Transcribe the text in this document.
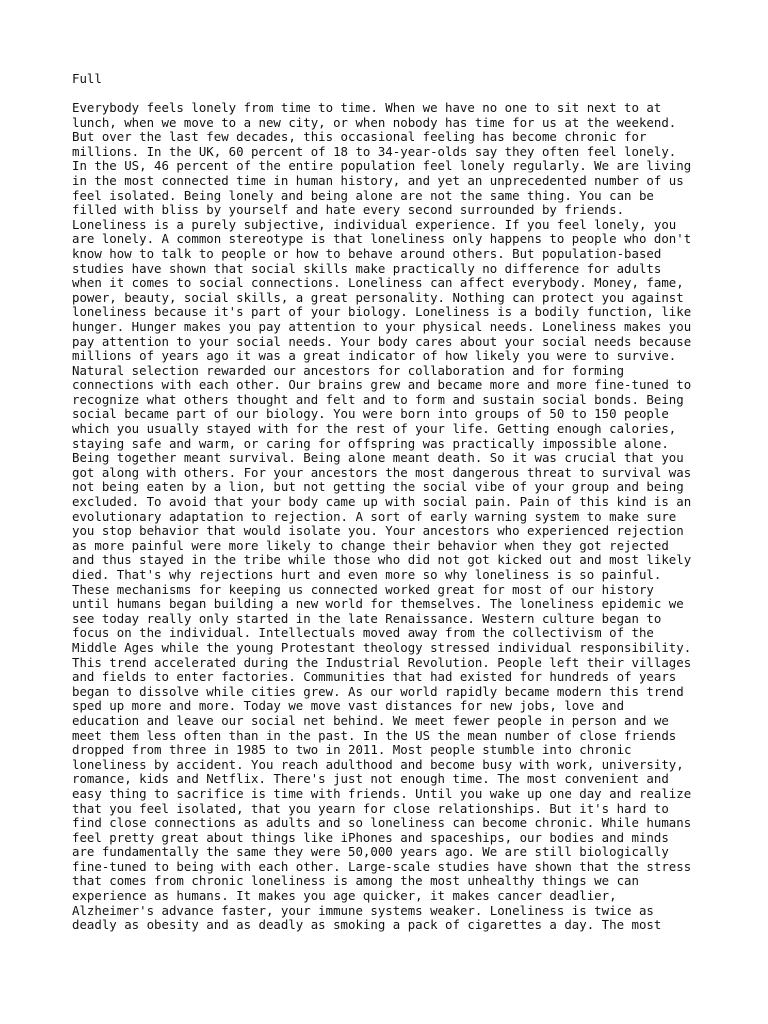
Full
Everybody feels lonely from time to time. When we have no one to sit next to at
lunch, when we move to a new city, or when nobody has time for us at the weekend.
But over the last few decades, this occasional feeling has become chronic for
millions. In the UK, 60 percent of 18 to 34-year-olds say they often feel lonely.
In the US, 46 percent of the entire population feel lonely regularly. We are living
in the most connected time in human history, and yet an unprecedented number of us
feel isolated. Being lonely and being alone are not the same thing. You can be
filled with bliss by yourself and hate every second surrounded by friends.
Loneliness is a purely subjective, individual experience. If you feel lonely, you
are lonely. A common stereotype is that loneliness only happens to people who don't
know how to talk to people or how to behave around others. But population-based
studies have shown that social skills make practically no difference for adults
when it comes to social connections. Loneliness can affect everybody. Money, fame,
power, beauty, social skills, a great personality. Nothing can protect you against
loneliness because it's part of your biology. Loneliness is a bodily function, like
hunger. Hunger makes you pay attention to your physical needs. Loneliness makes you
pay attention to your social needs. Your body cares about your social needs because
millions of years ago it was a great indicator of how likely you were to survive.
Natural selection rewarded our ancestors for collaboration and for forming
connections with each other. Our brains grew and became more and more fine-tuned to
recognize what others thought and felt and to form and sustain social bonds. Being
social became part of our biology. You were born into groups of 50 to 150 people
which you usually stayed with for the rest of your life. Getting enough calories,
staying safe and warm, or caring for offspring was practically impossible alone.
Being together meant survival. Being alone meant death. So it was crucial that you
got along with others. For your ancestors the most dangerous threat to survival was
not being eaten by a lion, but not getting the social vibe of your group and being
excluded. To avoid that your body came up with social pain. Pain of this kind is an
evolutionary adaptation to rejection. A sort of early warning system to make sure
you stop behavior that would isolate you. Your ancestors who experienced rejection
as more painful were more likely to change their behavior when they got rejected
and thus stayed in the tribe while those who did not got kicked out and most likely
died. That's why rejections hurt and even more so why loneliness is so painful.
These mechanisms for keeping us connected worked great for most of our history
until humans began building a new world for themselves. The loneliness epidemic we
see today really only started in the late Renaissance. Western culture began to
focus on the individual. Intellectuals moved away from the collectivism of the
Middle Ages while the young Protestant theology stressed individual responsibility.
This trend accelerated during the Industrial Revolution. People left their villages
and fields to enter factories. Communities that had existed for hundreds of years
began to dissolve while cities grew. As our world rapidly became modern this trend
sped up more and more. Today we move vast distances for new jobs, love and
education and leave our social net behind. We meet fewer people in person and we
meet them less often than in the past. In the US the mean number of close friends
dropped from three in 1985 to two in 2011. Most people stumble into chronic
loneliness by accident. You reach adulthood and become busy with work, university,
romance, kids and Netflix. There's just not enough time. The most convenient and
easy thing to sacrifice is time with friends. Until you wake up one day and realize
that you feel isolated, that you yearn for close relationships. But it's hard to
find close connections as adults and so loneliness can become chronic. While humans
feel pretty great about things like iPhones and spaceships, our bodies and minds
are fundamentally the same they were 50,000 years ago. We are still biologically
fine-tuned to being with each other. Large-scale studies have shown that the stress
that comes from chronic loneliness is among the most unhealthy things we can
experience as humans. It makes you age quicker, it makes cancer deadlier,
Alzheimer's advance faster, your immune systems weaker. Loneliness is twice as
deadly as obesity and as deadly as smoking a pack of cigarettes a day. The most
